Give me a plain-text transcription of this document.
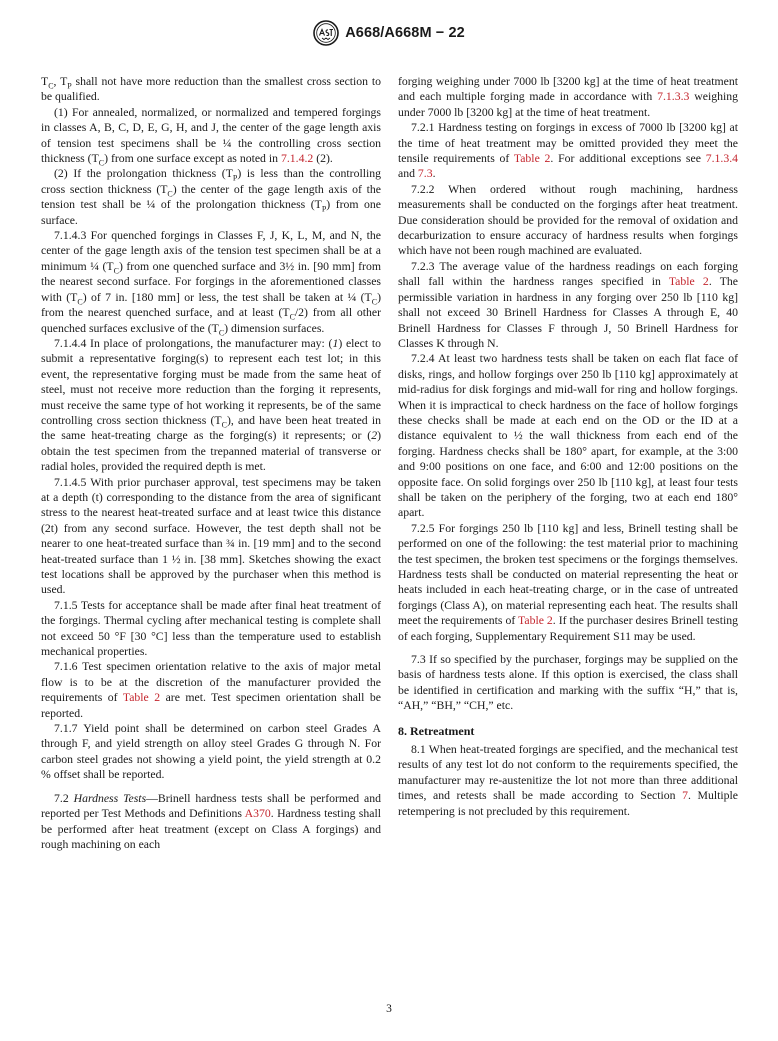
A668/A668M − 22

$T_C$, $T_P$ shall not have more reduction than the smallest cross section to be qualified.

(1) For annealed, normalized, or normalized and tempered forgings in classes A, B, C, D, E, G, H, and J, the center of the gage length axis of tension test specimens shall be ¼ the controlling cross section thickness $(T_C)$ from one surface except as noted in 7.1.4.2 (2).

(2) If the prolongation thickness $(T_P)$ is less than the controlling cross section thickness $(T_C)$ the center of the gage length axis of the tension test shall be ¼ of the prolongation thickness $(T_P)$ from one surface.

7.1.4.3 For quenched forgings in Classes F, J, K, L, M, and N, the center of the gage length axis of the tension test specimen shall be at a minimum ¼ $(T_C)$ from one quenched surface and 3½ in. [90 mm] from the nearest second surface. For forgings in the aforementioned classes with $(T_C)$ of 7 in. [180 mm] or less, the test shall be taken at ¼ $(T_C)$ from the nearest quenched surface, and at least $(T_C/2)$ from all other quenched surfaces exclusive of the $(T_C)$ dimension surfaces.

7.1.4.4 In place of prolongations, the manufacturer may: (1) elect to submit a representative forging(s) to represent each test lot; in this event, the representative forging must be made from the same heat of steel, must not receive more reduction than the forging it represents, must receive the same type of hot working it represents, be of the same controlling cross section thickness $(T_C)$, and have been heat treated in the same heat-treating charge as the forging(s) it represents; or (2) obtain the test specimen from the trepanned material of transverse or radial holes, provided the required depth is met.

7.1.4.5 With prior purchaser approval, test specimens may be taken at a depth (t) corresponding to the distance from the area of significant stress to the nearest heat-treated surface and at least twice this distance (2t) from any second surface. However, the test depth shall not be nearer to one heat-treated surface than ¾ in. [19 mm] and to the second heat-treated surface than 1 ½ in. [38 mm]. Sketches showing the exact test locations shall be approved by the purchaser when this method is used.

7.1.5 Tests for acceptance shall be made after final heat treatment of the forgings. Thermal cycling after mechanical testing is complete shall not exceed 50 °F [30 °C] less than the temperature used to establish mechanical properties.

7.1.6 Test specimen orientation relative to the axis of major metal flow is to be at the discretion of the manufacturer provided the requirements of Table 2 are met. Test specimen orientation shall be reported.

7.1.7 Yield point shall be determined on carbon steel Grades A through F, and yield strength on alloy steel Grades G through N. For carbon steel grades not showing a yield point, the yield strength at 0.2 % offset shall be reported.

7.2 Hardness Tests—Brinell hardness tests shall be performed and reported per Test Methods and Definitions A370. Hardness testing shall be performed after heat treatment (except on Class A forgings) and rough machining on each

forging weighing under 7000 lb [3200 kg] at the time of heat treatment and each multiple forging made in accordance with 7.1.3.3 weighing under 7000 lb [3200 kg] at the time of heat treatment.

7.2.1 Hardness testing on forgings in excess of 7000 lb [3200 kg] at the time of heat treatment may be omitted provided they meet the tensile requirements of Table 2. For additional exceptions see 7.1.3.4 and 7.3.

7.2.2 When ordered without rough machining, hardness measurements shall be conducted on the forgings after heat treatment. Due consideration should be provided for the removal of oxidation and decarburization to ensure accuracy of hardness results when forgings which have not been rough machined are evaluated.

7.2.3 The average value of the hardness readings on each forging shall fall within the hardness ranges specified in Table 2. The permissible variation in hardness in any forging over 250 lb [110 kg] shall not exceed 30 Brinell Hardness for Classes A through E, 40 Brinell Hardness for Classes F through J, 50 Brinell Hardness for Classes K through N.

7.2.4 At least two hardness tests shall be taken on each flat face of disks, rings, and hollow forgings over 250 lb [110 kg] approximately at mid-radius for disk forgings and mid-wall for ring and hollow forgings. When it is impractical to check hardness on the face of hollow forgings these checks shall be made at each end on the OD or the ID at a distance equivalent to ½ the wall thickness from each end of the forging. Hardness checks shall be 180° apart, for example, at the 3:00 and 9:00 positions on one face, and 6:00 and 12:00 positions on the opposite face. On solid forgings over 250 lb [110 kg], at least four tests shall be taken on the periphery of the forging, two at each end 180° apart.

7.2.5 For forgings 250 lb [110 kg] and less, Brinell testing shall be performed on one of the following: the test material prior to machining the test specimen, the broken test specimens or the forgings themselves. Hardness tests shall be conducted on material representing the heat or heats included in each heat-treating charge, or in the case of untreated forgings (Class A), on material representing each heat. The results shall meet the requirements of Table 2. If the purchaser desires Brinell testing of each forging, Supplementary Requirement S11 may be used.

7.3 If so specified by the purchaser, forgings may be supplied on the basis of hardness tests alone. If this option is exercised, the class shall be identified in certification and marking with the suffix “H,” that is, “AH,” “BH,” “CH,” etc.

8. Retreatment

8.1 When heat-treated forgings are specified, and the mechanical test results of any test lot do not conform to the requirements specified, the manufacturer may re-austenitize the lot not more than three additional times, and retests shall be made according to Section 7. Multiple retempering is not precluded by this requirement.

3
